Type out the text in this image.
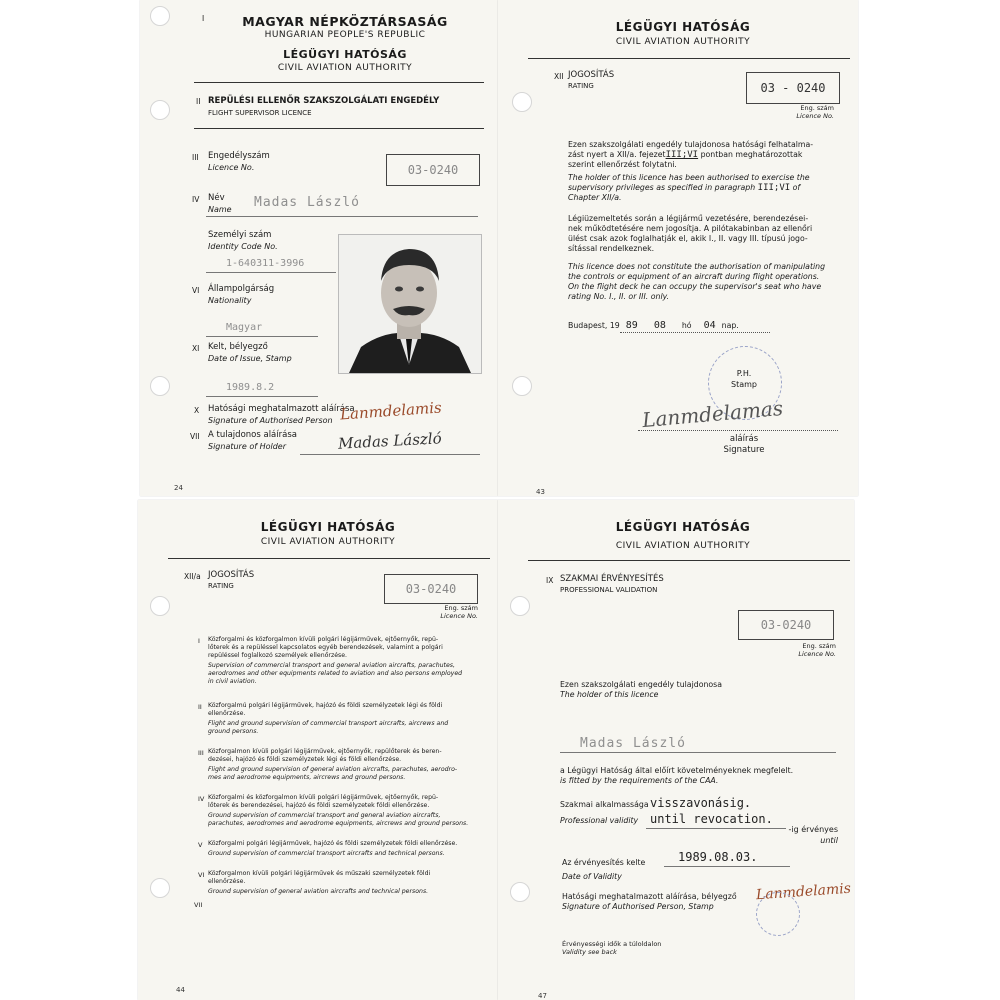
I	MAGYAR NÉPKÖZTÁRSASÁG
HUNGARIAN PEOPLE'S REPUBLIC
LÉGÜGYI HATÓSÁG
CIVIL AVIATION AUTHORITY
II REPÜLÉSI ELLENŐR SZAKSZOLGÁLATI ENGEDÉLY
FLIGHT SUPERVISOR LICENCE
III Engedélyszám
Licence No.	03-0240
IV Név
Name Madas László
Személyi szám
Identity Code No.
1-640311-3996
VI Állampolgárság
Nationality
Magyar
XI Kelt, bélyegző
Date of Issue, Stamp
1989.8.2
X Hatósági meghatalmazott aláírása
Signature of Authorised Person Lanmdelamis
VII A tulajdonos aláírása
Signature of Holder	Madas László
24
LÉGÜGYI HATÓSÁG
CIVIL AVIATION AUTHORITY
XII JOGOSÍTÁS
RATING	03 - 0240
Eng. szám
Licence No.
Ezen szakszolgálati engedély tulajdonosa hatósági felhatalma-
zást nyert a XII/a. fejezetIII;VI pontban meghatározottak
szerint ellenőrzést folytatni.
The holder of this licence has been authorised to exercise the
supervisory privileges as specified in paragraph III;VI of
Chapter XII/a.
Légiüzemeltetés során a légijármű vezetésére, berendezései-
nek működtetésére nem jogosítja. A pilótakabinban az ellenőri
ülést csak azok foglalhatják el, akik I., II. vagy III. típusú jogo-
sítással rendelkeznek.
This licence does not constitute the authorisation of manipulating
the controls or equipment of an aircraft during flight operations.
On the flight deck he can occupy the supervisor's seat who have
rating No. I., II. or III. only.
Budapest, 19 89 08 hó 04 nap.
P.H.
Stamp
Lanmdelamas
aláírás
Signature
43
LÉGÜGYI HATÓSÁG
CIVIL AVIATION AUTHORITY
XII/a JOGOSÍTÁS
RATING	03-0240
Eng. szám
Licence No.
I Közforgalmi és közforgalmon kívüli polgári légijárművek, ejtőernyők, repü-
lőterek és a repüléssel kapcsolatos egyéb berendezések, valamint a polgári
repüléssel foglalkozó személyek ellenőrzése.
Supervision of commercial transport and general aviation aircrafts, parachutes,
aerodromes and other equipments related to aviation and also persons employed
in civil aviation.
II Közforgalmú polgári légijárművek, hajózó és földi személyzetek légi és földi
ellenőrzése.
Flight and ground supervision of commercial transport aircrafts, aircrews and
ground persons.
III Közforgalmon kívüli polgári légijárművek, ejtőernyők, repülőterek és beren-
dezései, hajózó és földi személyzetek légi és földi ellenőrzése.
Flight and ground supervision of general aviation aircrafts, parachutes, aerodro-
mes and aerodrome equipments, aircrews and ground persons.
IV Közforgalmi és közforgalmon kívüli polgári légijárművek, ejtőernyők, repü-
lőterek és berendezései, hajózó és földi személyzetek földi ellenőrzése.
Ground supervision of commercial transport and general aviation aircrafts,
parachutes, aerodromes and aerodrome equipments, aircrews and ground persons.
V Közforgalmi polgári légijárművek, hajózó és földi személyzetek földi ellenőrzése.
Ground supervision of commercial transport aircrafts and technical persons.
VI Közforgalmon kívüli polgári légijárművek és műszaki személyzetek földi
ellenőrzése.
Ground supervision of general aviation aircrafts and technical persons.
VII
44
LÉGÜGYI HATÓSÁG
CIVIL AVIATION AUTHORITY
IX SZAKMAI ÉRVÉNYESÍTÉS
PROFESSIONAL VALIDATION
03-0240
Eng. szám
Licence No.
Ezen szakszolgálati engedély tulajdonosa
The holder of this licence
Madas László
a Légügyi Hatóság által előírt követelményeknek megfelelt.
is fitted by the requirements of the CAA.
Szakmai alkalmassága
Professional validity
visszavonásig.
until revocation.
-ig érvényes
until
Az érvényesítés kelte
Date of Validity
1989.08.03.
Hatósági meghatalmazott aláírása, bélyegző
Signature of Authorised Person, Stamp
Lanmdelamis
Érvényességi idők a túloldalon
Validity see back
47
